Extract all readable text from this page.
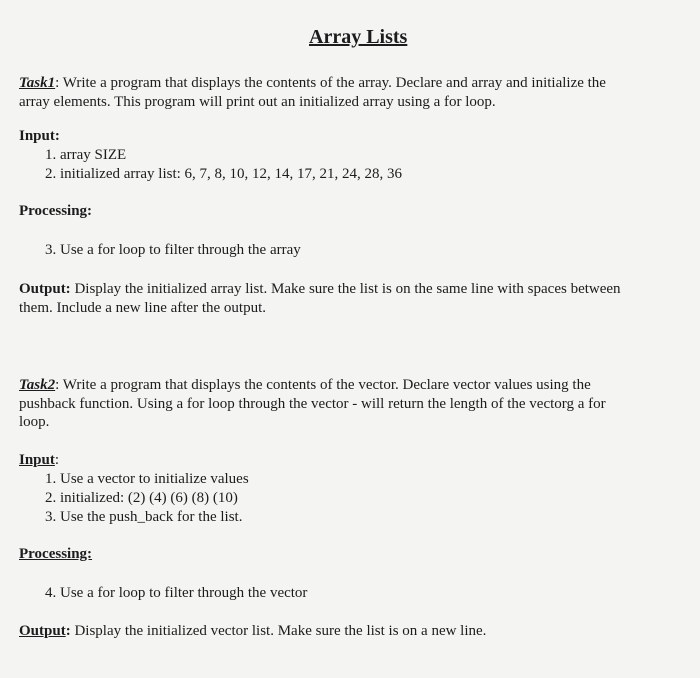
Array Lists
Task1: Write a program that displays the contents of the array. Declare and array and initialize the
array elements. This program will print out an initialized array using a for loop.
Input:
1. array SIZE
2. initialized array list: 6, 7, 8, 10, 12, 14, 17, 21, 24, 28, 36
Processing:
3. Use a for loop to filter through the array
Output: Display the initialized array list. Make sure the list is on the same line with spaces between
them. Include a new line after the output.
Task2: Write a program that displays the contents of the vector. Declare vector values using the
pushback function. Using a for loop through the vector - will return the length of the vectorg a for
loop.
Input:
1. Use a vector to initialize values
2. initialized: (2) (4) (6) (8) (10)
3. Use the push_back for the list.
Processing:
4. Use a for loop to filter through the vector
Output: Display the initialized vector list. Make sure the list is on a new line.
